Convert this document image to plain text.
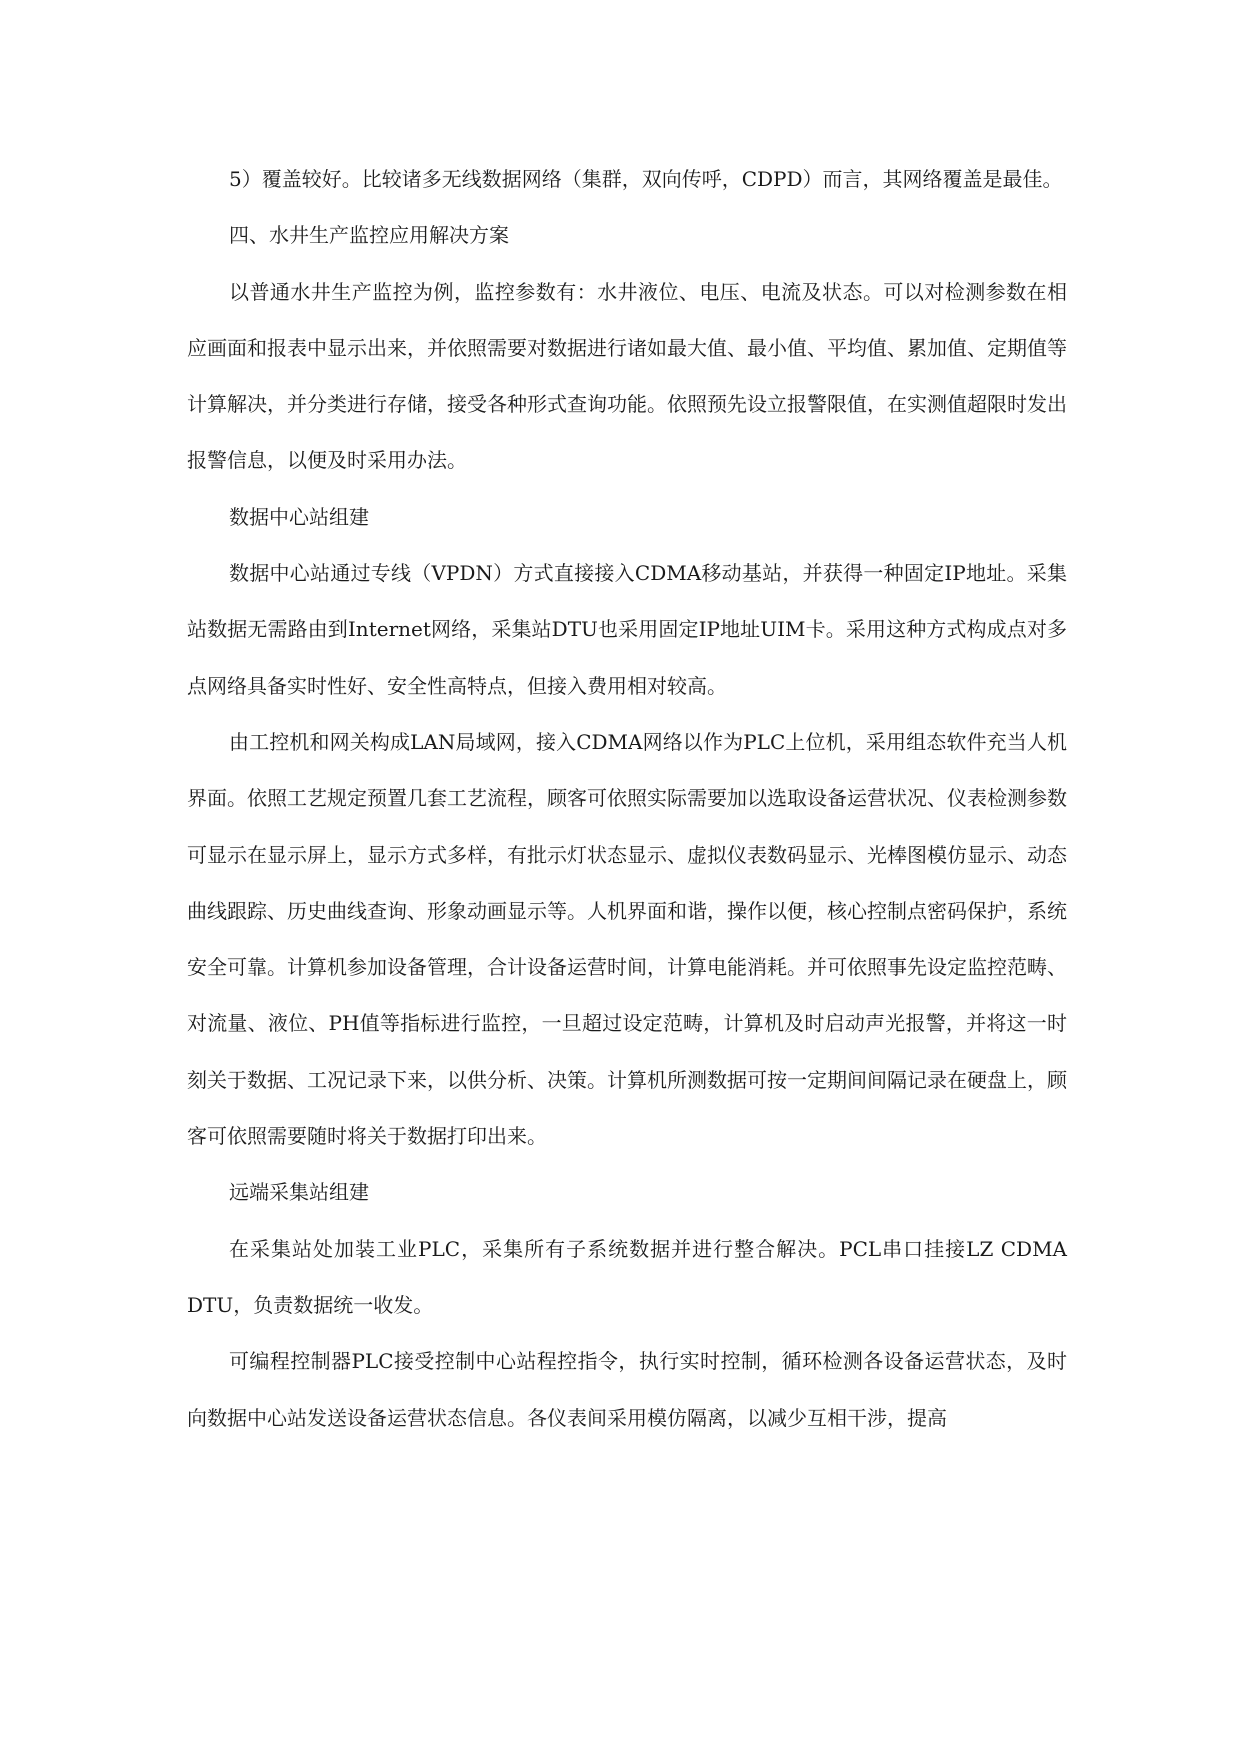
5）覆盖较好。比较诸多无线数据网络（集群，双向传呼，CDPD）而言，其网络覆盖是最佳。

四、水井生产监控应用解决方案

以普通水井生产监控为例，监控参数有：水井液位、电压、电流及状态。可以对检测参数在相应画面和报表中显示出来，并依照需要对数据进行诸如最大值、最小值、平均值、累加值、定期值等计算解决，并分类进行存储，接受各种形式查询功能。依照预先设立报警限值，在实测值超限时发出报警信息，以便及时采用办法。

数据中心站组建

数据中心站通过专线（VPDN）方式直接接入CDMA移动基站，并获得一种固定IP地址。采集站数据无需路由到Internet网络，采集站DTU也采用固定IP地址UIM卡。采用这种方式构成点对多点网络具备实时性好、安全性高特点，但接入费用相对较高。

由工控机和网关构成LAN局域网，接入CDMA网络以作为PLC上位机，采用组态软件充当人机界面。依照工艺规定预置几套工艺流程，顾客可依照实际需要加以选取设备运营状况、仪表检测参数可显示在显示屏上，显示方式多样，有批示灯状态显示、虚拟仪表数码显示、光棒图模仿显示、动态曲线跟踪、历史曲线查询、形象动画显示等。人机界面和谐，操作以便，核心控制点密码保护，系统安全可靠。计算机参加设备管理，合计设备运营时间，计算电能消耗。并可依照事先设定监控范畴、对流量、液位、PH值等指标进行监控，一旦超过设定范畴，计算机及时启动声光报警，并将这一时刻关于数据、工况记录下来，以供分析、决策。计算机所测数据可按一定期间间隔记录在硬盘上，顾客可依照需要随时将关于数据打印出来。

远端采集站组建

在采集站处加装工业PLC，采集所有子系统数据并进行整合解决。PCL串口挂接LZ CDMA DTU，负责数据统一收发。

可编程控制器PLC接受控制中心站程控指令，执行实时控制，循环检测各设备运营状态，及时向数据中心站发送设备运营状态信息。各仪表间采用模仿隔离，以减少互相干涉，提高
